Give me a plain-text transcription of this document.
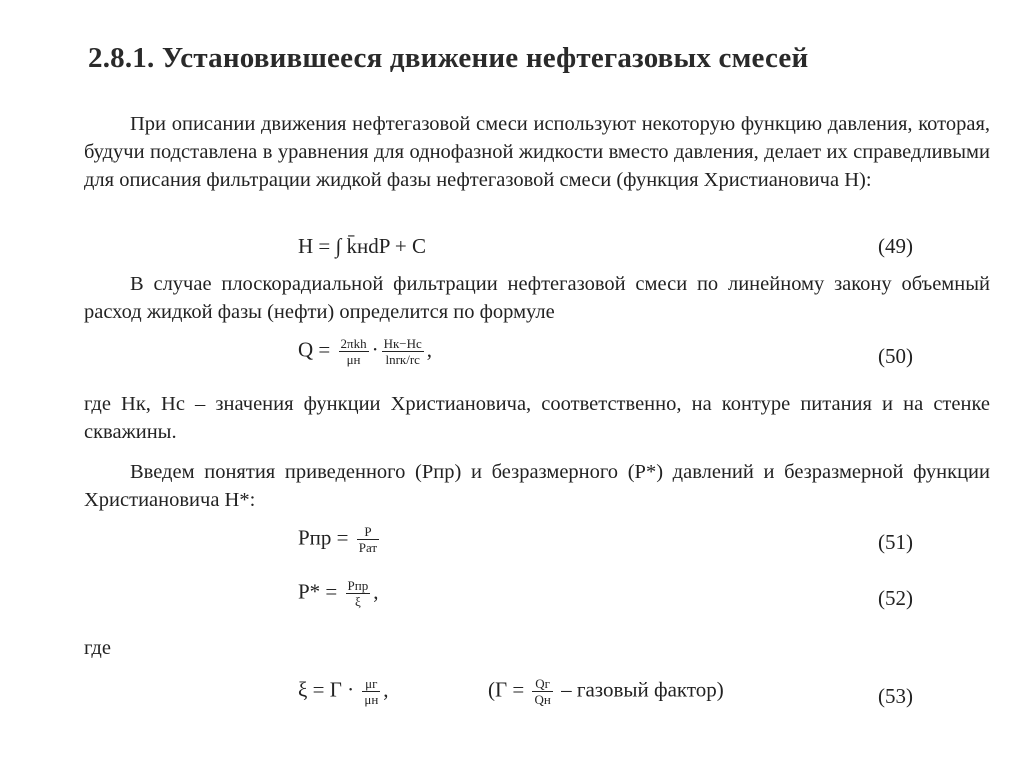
2.8.1. Установившееся движение нефтегазовых смесей
При описании движения нефтегазовой смеси используют некоторую функцию давления, которая, будучи подставлена в уравнения для однофазной жидкости вместо давления, делает их справедливыми для описания фильтрации жидкой фазы нефтегазовой смеси (функция Христиановича H):
H = ∫ k̄нdP + C	(49)
В случае плоскорадиальной фильтрации нефтегазовой смеси по линейному закону объемный расход жидкой фазы (нефти) определится по формуле
$Q = \frac{\text{2πkh}}{\mu н} \cdot \frac{Hк-Hс}{\ln rк/rс}$ ,	(50)
где Hк, Hс – значения функции Христиановича, соответственно, на контуре питания и на стенке скважины.
Введем понятия приведенного (Pпр) и безразмерного (P*) давлений и безразмерной функции Христиановича H*:
Pпр = $\frac{P}{\text{Pат}}$	(51)
$P* = \frac{\text{Pпр}}{\xi}$ ,	(52)
где
$\xi = Г \cdot \frac{\mu г}{\mu н}$ ,	($Г = \frac{Qг}{Qн}$ – газовый фактор)	(53)
